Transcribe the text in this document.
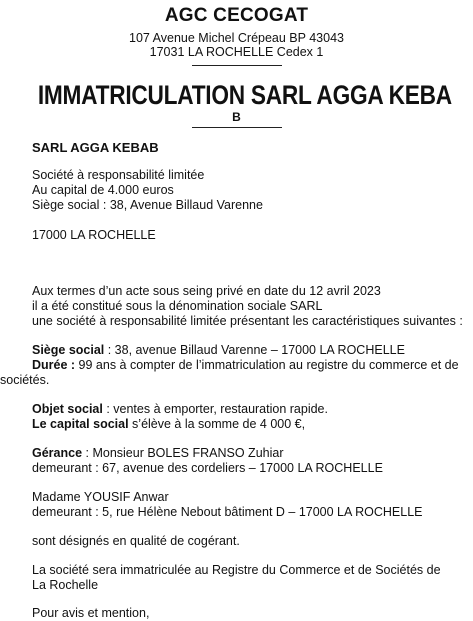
AGC CECOGAT
107 Avenue Michel Crépeau BP 43043
17031 LA ROCHELLE Cedex 1
IMMATRICULATION SARL AGGA KEBA
B
SARL AGGA KEBAB
Société à responsabilité limitée
Au capital de 4.000 euros
Siège social : 38, Avenue Billaud Varenne
17000 LA ROCHELLE
Aux termes d’un acte sous seing privé en date du 12 avril 2023
il a été constitué sous la dénomination sociale SARL
une société à responsabilité limitée présentant les caractéristiques suivantes :
Siège social : 38, avenue Billaud Varenne – 17000 LA ROCHELLE
Durée : 99 ans à compter de l’immatriculation au registre du commerce et de
sociétés.
Objet social : ventes à emporter, restauration rapide.
Le capital social s’élève à la somme de 4 000 €,
Gérance : Monsieur BOLES FRANSO Zuhiar
demeurant : 67, avenue des cordeliers – 17000 LA ROCHELLE
Madame YOUSIF Anwar
demeurant : 5, rue Hélène Nebout bâtiment D – 17000 LA ROCHELLE
sont désignés en qualité de cogérant.
La société sera immatriculée au Registre du Commerce et de Sociétés de
La Rochelle
Pour avis et mention,
